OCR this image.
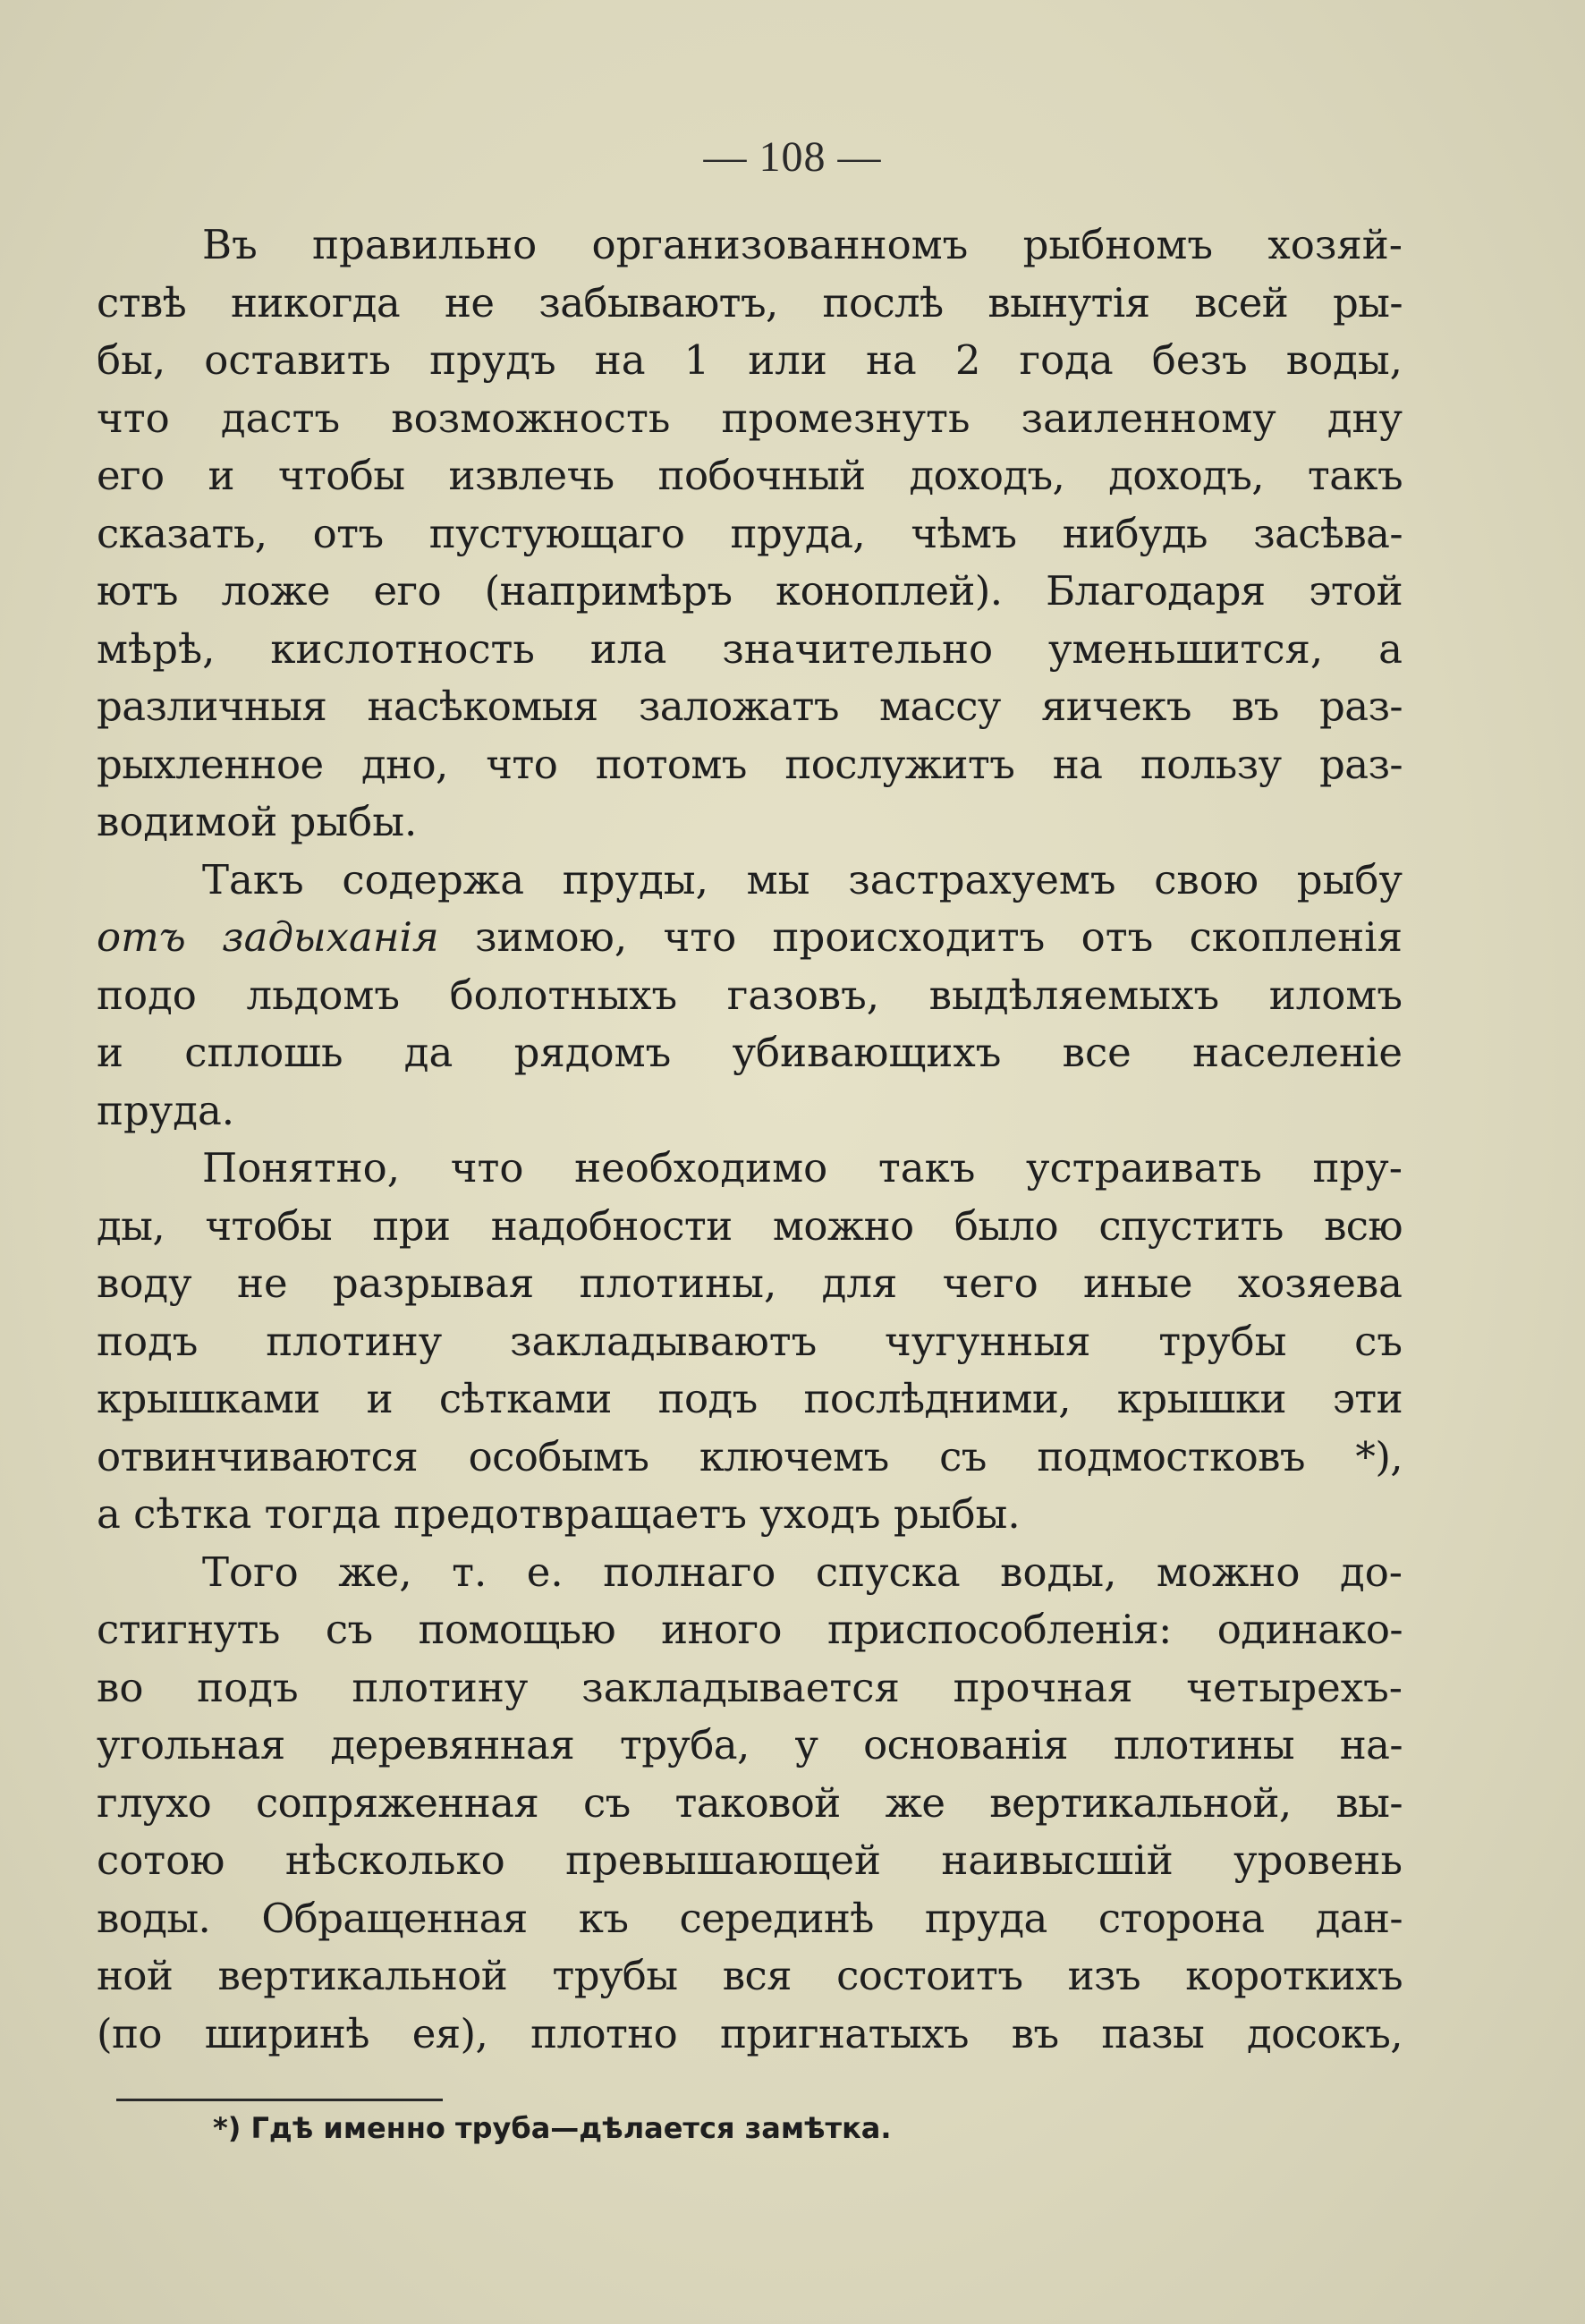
— 108 —
Въ правильно организованномъ рыбномъ хозяй-
ствѣ никогда не забываютъ, послѣ вынутія всей ры-
бы, оставить прудъ на 1 или на 2 года безъ воды,
что дастъ возможность промезнуть заиленному дну
его и чтобы извлечь побочный доходъ, доходъ, такъ
сказать, отъ пустующаго пруда, чѣмъ нибудь засѣва-
ютъ ложе его (напримѣръ коноплей). Благодаря этой
мѣрѣ, кислотность ила значительно уменьшится, а
различныя насѣкомыя заложатъ массу яичекъ въ раз-
рыхленное дно, что потомъ послужитъ на пользу раз-
водимой рыбы.
Такъ содержа пруды, мы застрахуемъ свою рыбу
отъ задыханія зимою, что происходитъ отъ скопленія
подо льдомъ болотныхъ газовъ, выдѣляемыхъ иломъ
и сплошь да рядомъ убивающихъ все населеніе
пруда.
Понятно, что необходимо такъ устраивать пру-
ды, чтобы при надобности можно было спустить всю
воду не разрывая плотины, для чего иные хозяева
подъ плотину закладываютъ чугунныя трубы съ
крышками и сѣтками подъ послѣдними, крышки эти
отвинчиваются особымъ ключемъ съ подмостковъ *),
а сѣтка тогда предотвращаетъ уходъ рыбы.
Того же, т. е. полнаго спуска воды, можно до-
стигнуть съ помощью иного приспособленія: одинако-
во подъ плотину закладывается прочная четырехъ-
угольная деревянная труба, у основанія плотины на-
глухо сопряженная съ таковой же вертикальной, вы-
сотою нѣсколько превышающей наивысшій уровень
воды. Обращенная къ серединѣ пруда сторона дан-
ной вертикальной трубы вся состоитъ изъ короткихъ
(по ширинѣ ея), плотно пригнатыхъ въ пазы досокъ,
*) Гдѣ именно труба—дѣлается замѣтка.
